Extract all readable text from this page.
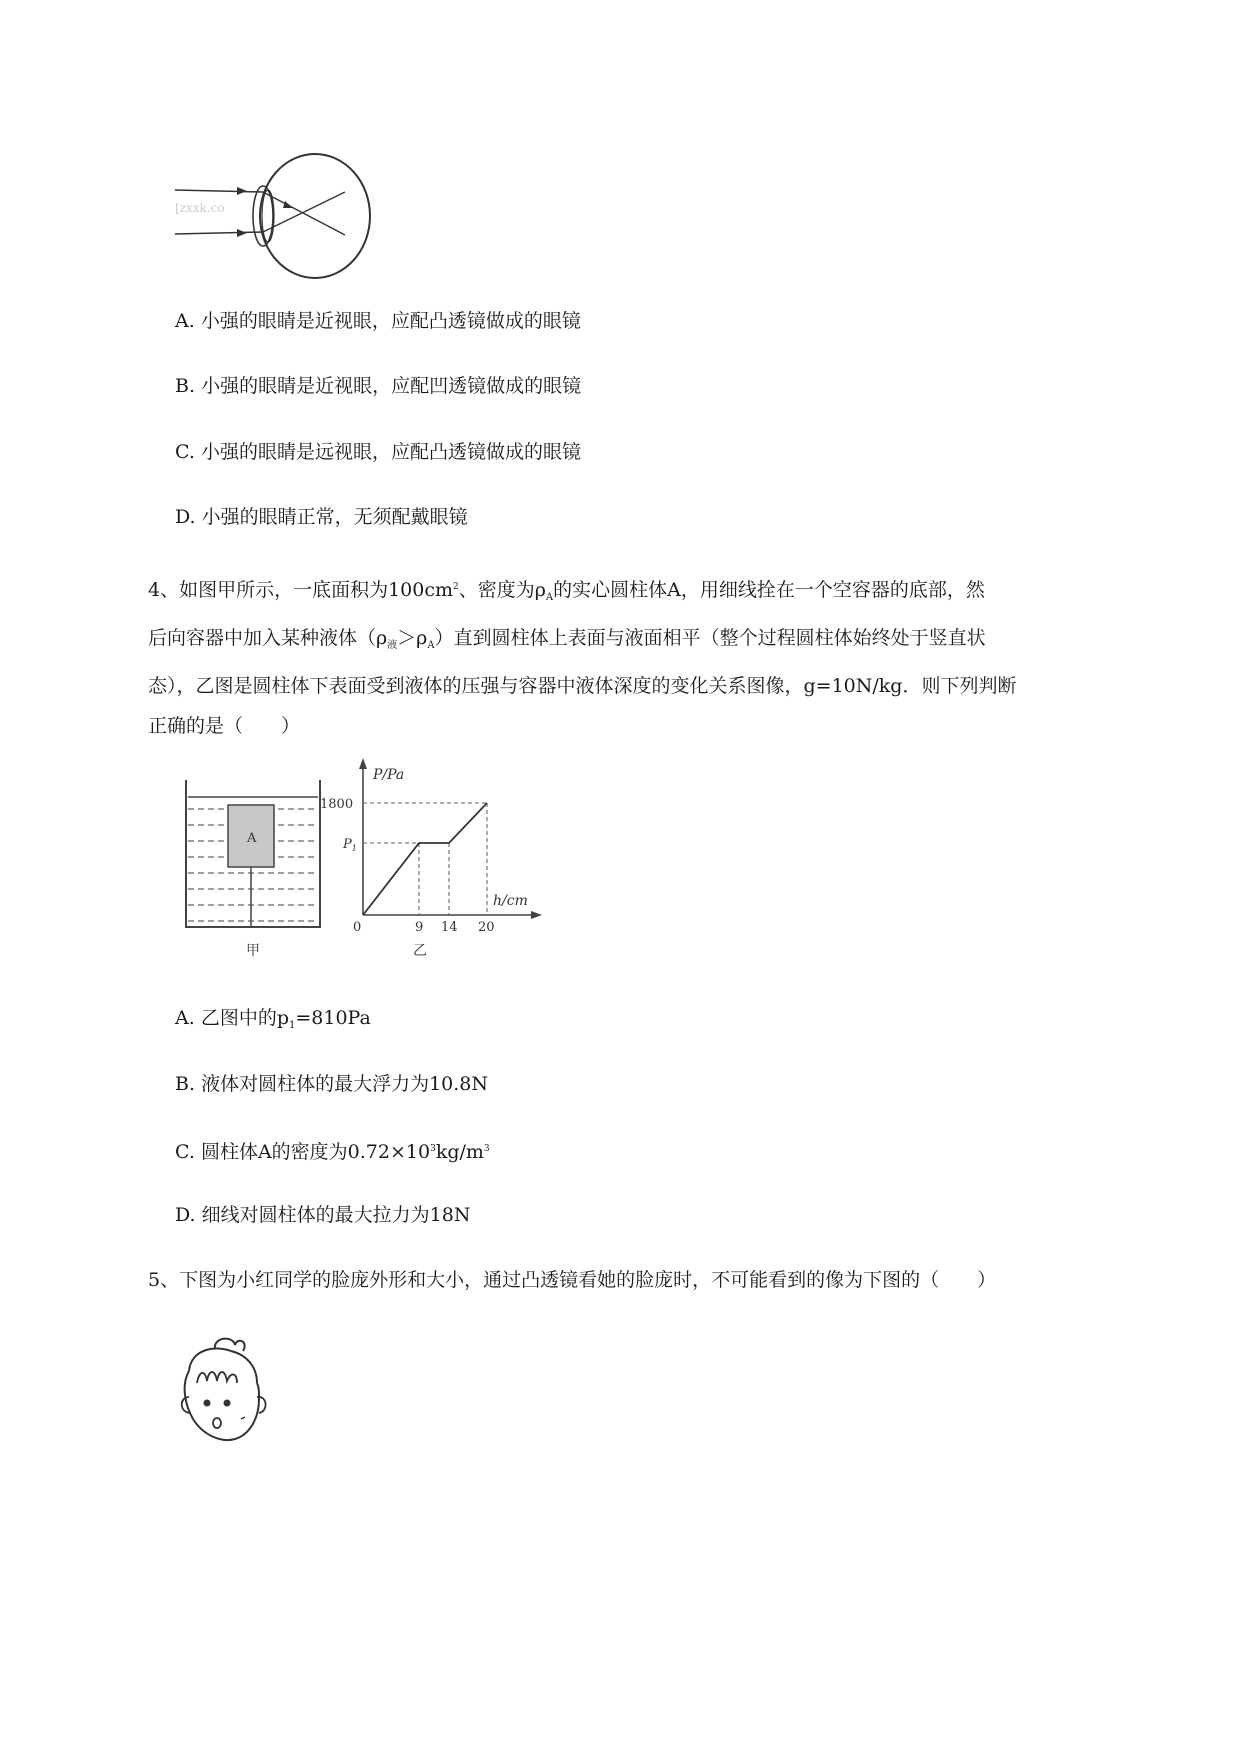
[zxxk.co
A. 小强的眼睛是近视眼，应配凸透镜做成的眼镜
B. 小强的眼睛是近视眼，应配凹透镜做成的眼镜
C. 小强的眼睛是远视眼，应配凸透镜做成的眼镜
D. 小强的眼睛正常，无须配戴眼镜
4、如图甲所示，一底面积为$100cm^2$、密度为$\rho_A$的实心圆柱体A，用细线拴在一个空容器的底部，然
后向容器中加入某种液体$(\rho_液>\rho_A)$直到圆柱体上表面与液面相平（整个过程圆柱体始终处于竖直状
态），乙图是圆柱体下表面受到液体的压强与容器中液体深度的变化关系图像，g=10N/kg．则下列判断
正确的是（　　）
A
甲
P/Pa
h/cm
1800
$P_1$
0	9 14 20
乙
A. 乙图中的$p_1=810Pa$
B. 液体对圆柱体的最大浮力为10.8N
C. 圆柱体A的密度为$0.72\times 10^3kg/m^3$
D. 细线对圆柱体的最大拉力为18N
5、下图为小红同学的脸庞外形和大小，通过凸透镜看她的脸庞时，不可能看到的像为下图的（　　）
